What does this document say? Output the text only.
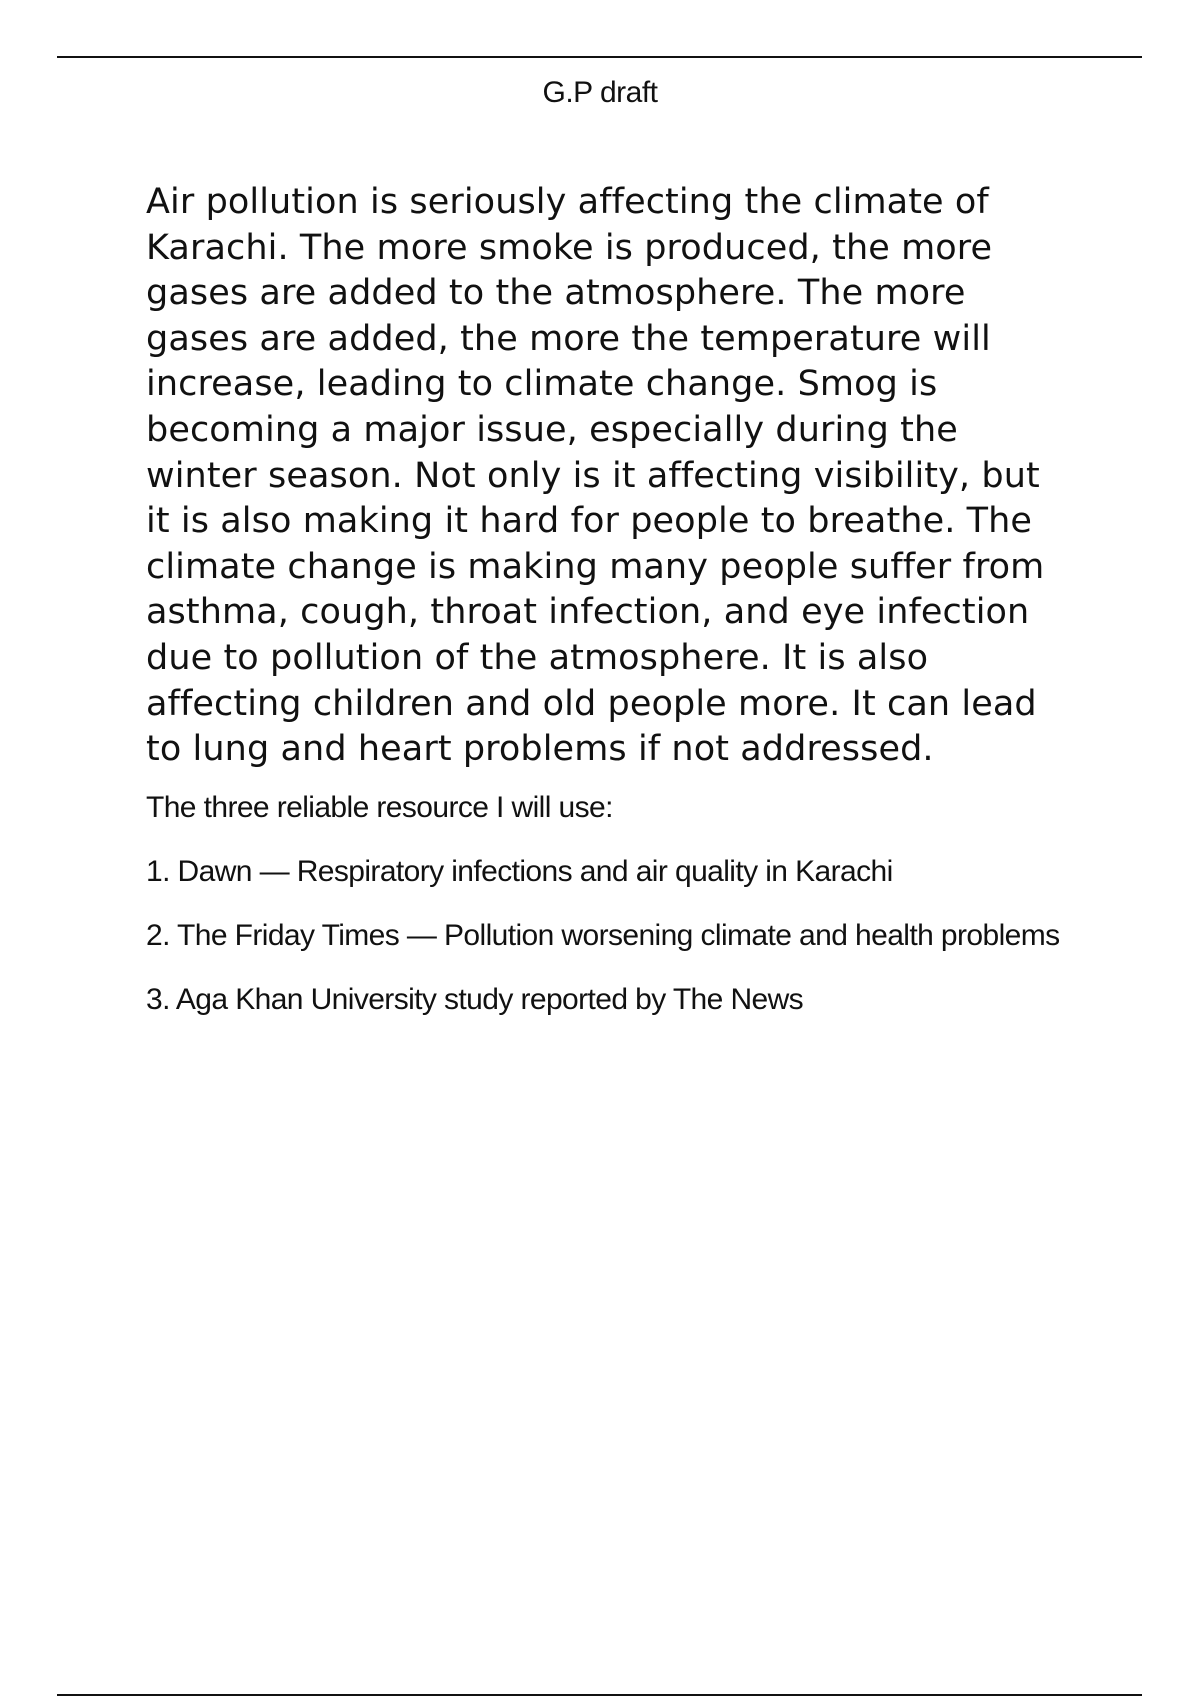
G.P draft

Air pollution is seriously affecting the climate of Karachi. The more smoke is produced, the more gases are added to the atmosphere. The more gases are added, the more the temperature will increase, leading to climate change. Smog is becoming a major issue, especially during the winter season. Not only is it affecting visibility, but it is also making it hard for people to breathe. The climate change is making many people suffer from asthma, cough, throat infection, and eye infection due to pollution of the atmosphere. It is also affecting children and old people more. It can lead to lung and heart problems if not addressed.

The three reliable resource I will use:

1. Dawn — Respiratory infections and air quality in Karachi
2. The Friday Times — Pollution worsening climate and health problems
3. Aga Khan University study reported by The News
